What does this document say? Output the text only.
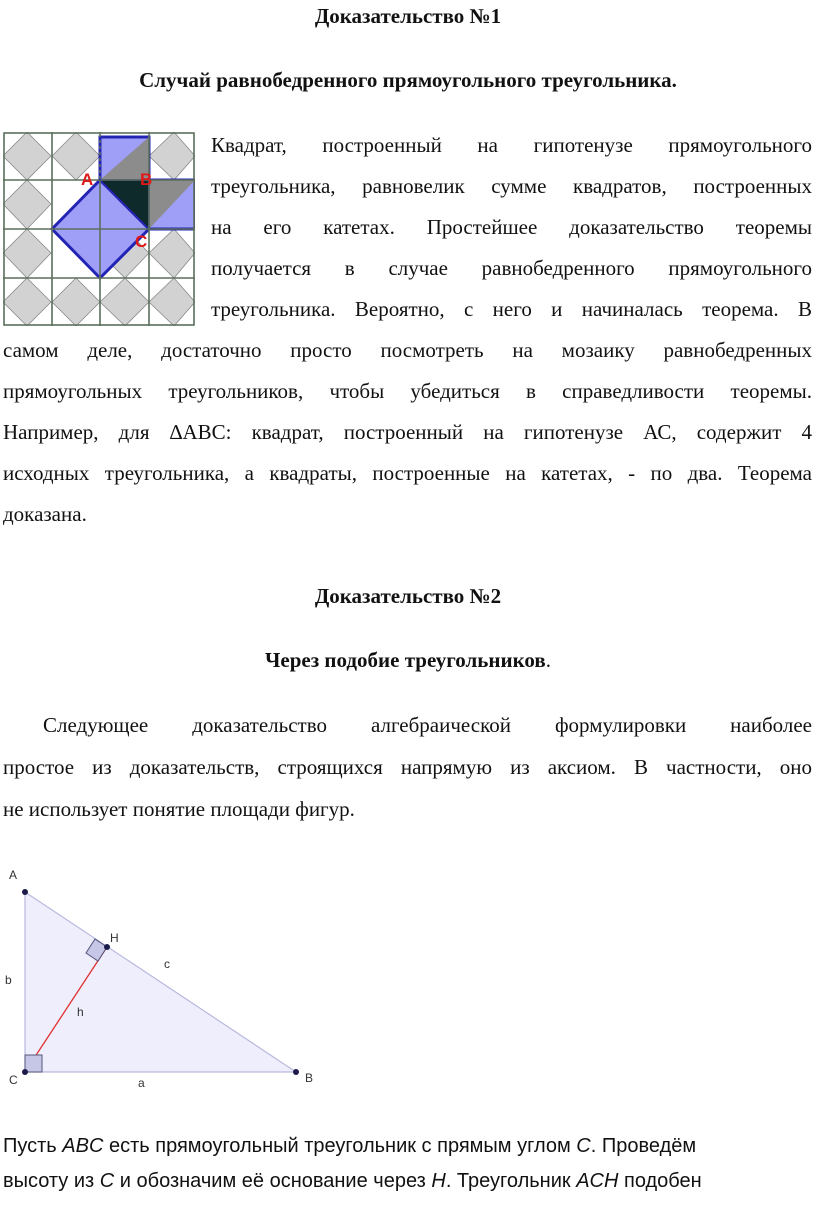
Доказательство №1
Случай равнобедренного прямоугольного треугольника.
A	B
C
Квадрат, построенный на гипотенузе прямоугольного
треугольника, равновелик сумме квадратов, построенных
на его катетах. Простейшее доказательство теоремы
получается в случае равнобедренного прямоугольного
треугольника. Вероятно, с него и начиналась теорема. В
самом деле, достаточно просто посмотреть на мозаику равнобедренных
прямоугольных треугольников, чтобы убедиться в справедливости теоремы.
Например, для ∆ABC: квадрат, построенный на гипотенузе АС, содержит 4
исходных треугольника, а квадраты, построенные на катетах, - по два. Теорема
доказана.
Доказательство №2
Через подобие треугольников.
Следующее доказательство алгебраической формулировки наиболее
простое из доказательств, строящихся напрямую из аксиом. В частности, оно
не использует понятие площади фигур.
A
C	B
H
b
a
c
h
Пусть ABC есть прямоугольный треугольник с прямым углом C. Проведём
высоту из C и обозначим её основание через H. Треугольник ACH подобен
